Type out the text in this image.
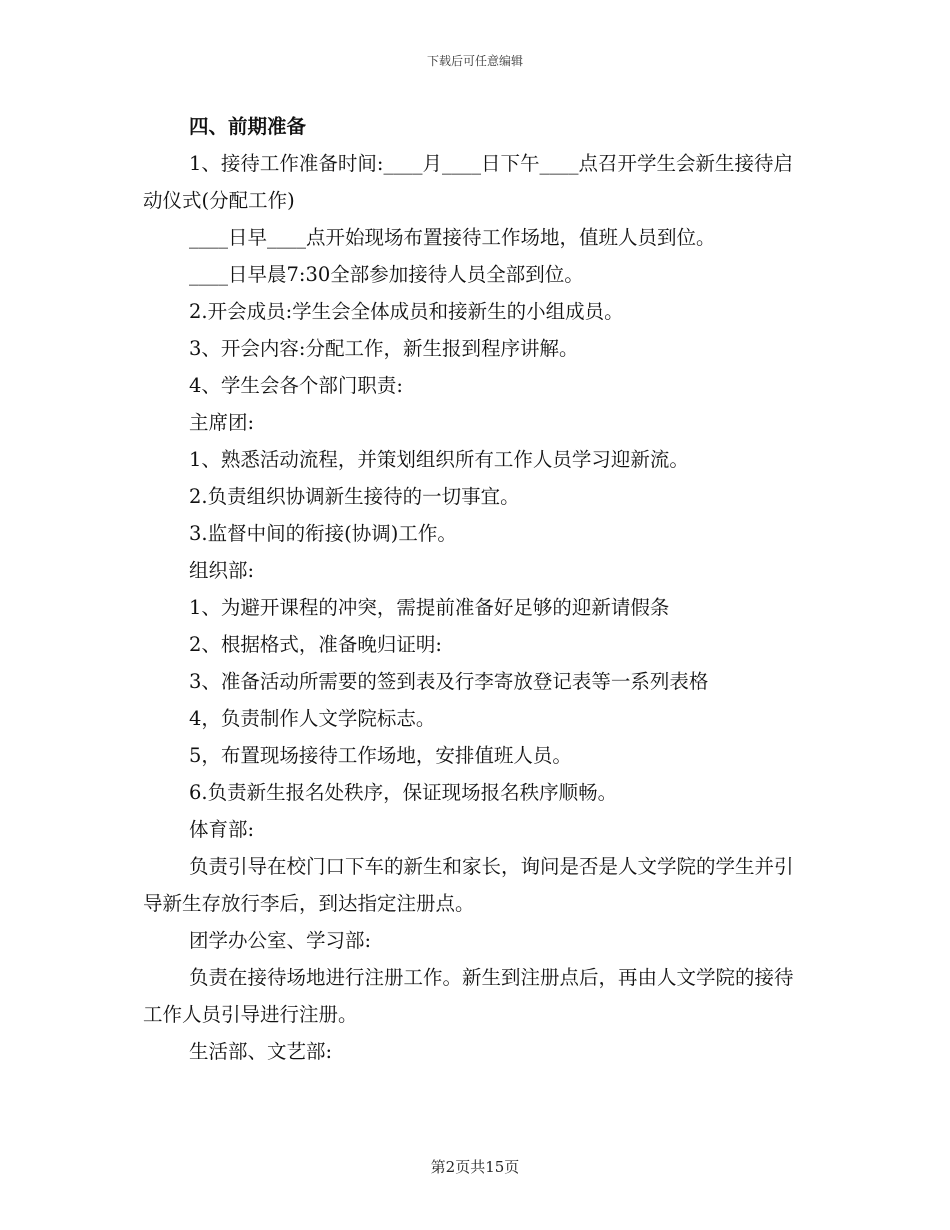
下载后可任意编辑

四、前期准备

1、接待工作准备时间:____月____日下午____点召开学生会新生接待启动仪式(分配工作)

____日早____点开始现场布置接待工作场地，值班人员到位。

____日早晨7:30全部参加接待人员全部到位。

2.开会成员:学生会全体成员和接新生的小组成员。

3、开会内容:分配工作，新生报到程序讲解。

4、学生会各个部门职责:

主席团:

1、熟悉活动流程，并策划组织所有工作人员学习迎新流。

2.负责组织协调新生接待的一切事宜。

3.监督中间的衔接(协调)工作。

组织部:

1、为避开课程的冲突，需提前准备好足够的迎新请假条

2、根据格式，准备晚归证明:

3、准备活动所需要的签到表及行李寄放登记表等一系列表格

4，负责制作人文学院标志。

5，布置现场接待工作场地，安排值班人员。

6.负责新生报名处秩序，保证现场报名秩序顺畅。

体育部:

负责引导在校门口下车的新生和家长，询问是否是人文学院的学生并引导新生存放行李后，到达指定注册点。

团学办公室、学习部:

负责在接待场地进行注册工作。新生到注册点后，再由人文学院的接待工作人员引导进行注册。

生活部、文艺部:

第2页共15页
